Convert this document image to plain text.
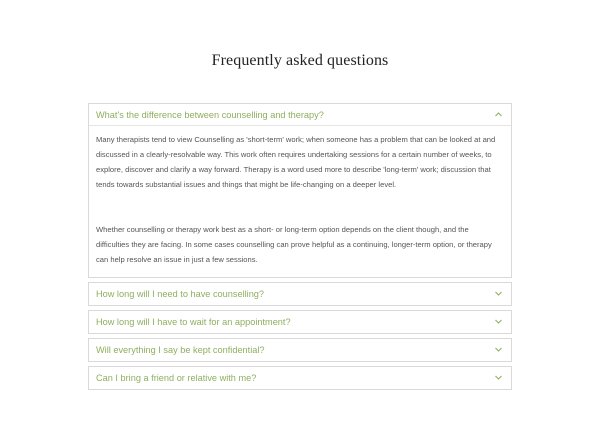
Frequently asked questions
What's the difference between counselling and therapy?

Many therapists tend to view Counselling as 'short-term' work; when someone has a problem that can be looked at and discussed in a clearly-resolvable way. This work often requires undertaking sessions for a certain number of weeks, to explore, discover and clarify a way forward. Therapy is a word used more to describe 'long-term' work; discussion that tends towards substantial issues and things that might be life-changing on a deeper level.

Whether counselling or therapy work best as a short- or long-term option depends on the client though, and the difficulties they are facing. In some cases counselling can prove helpful as a continuing, longer-term option, or therapy can help resolve an issue in just a few sessions.

How long will I need to have counselling?
How long will I have to wait for an appointment?
Will everything I say be kept confidential?
Can I bring a friend or relative with me?
